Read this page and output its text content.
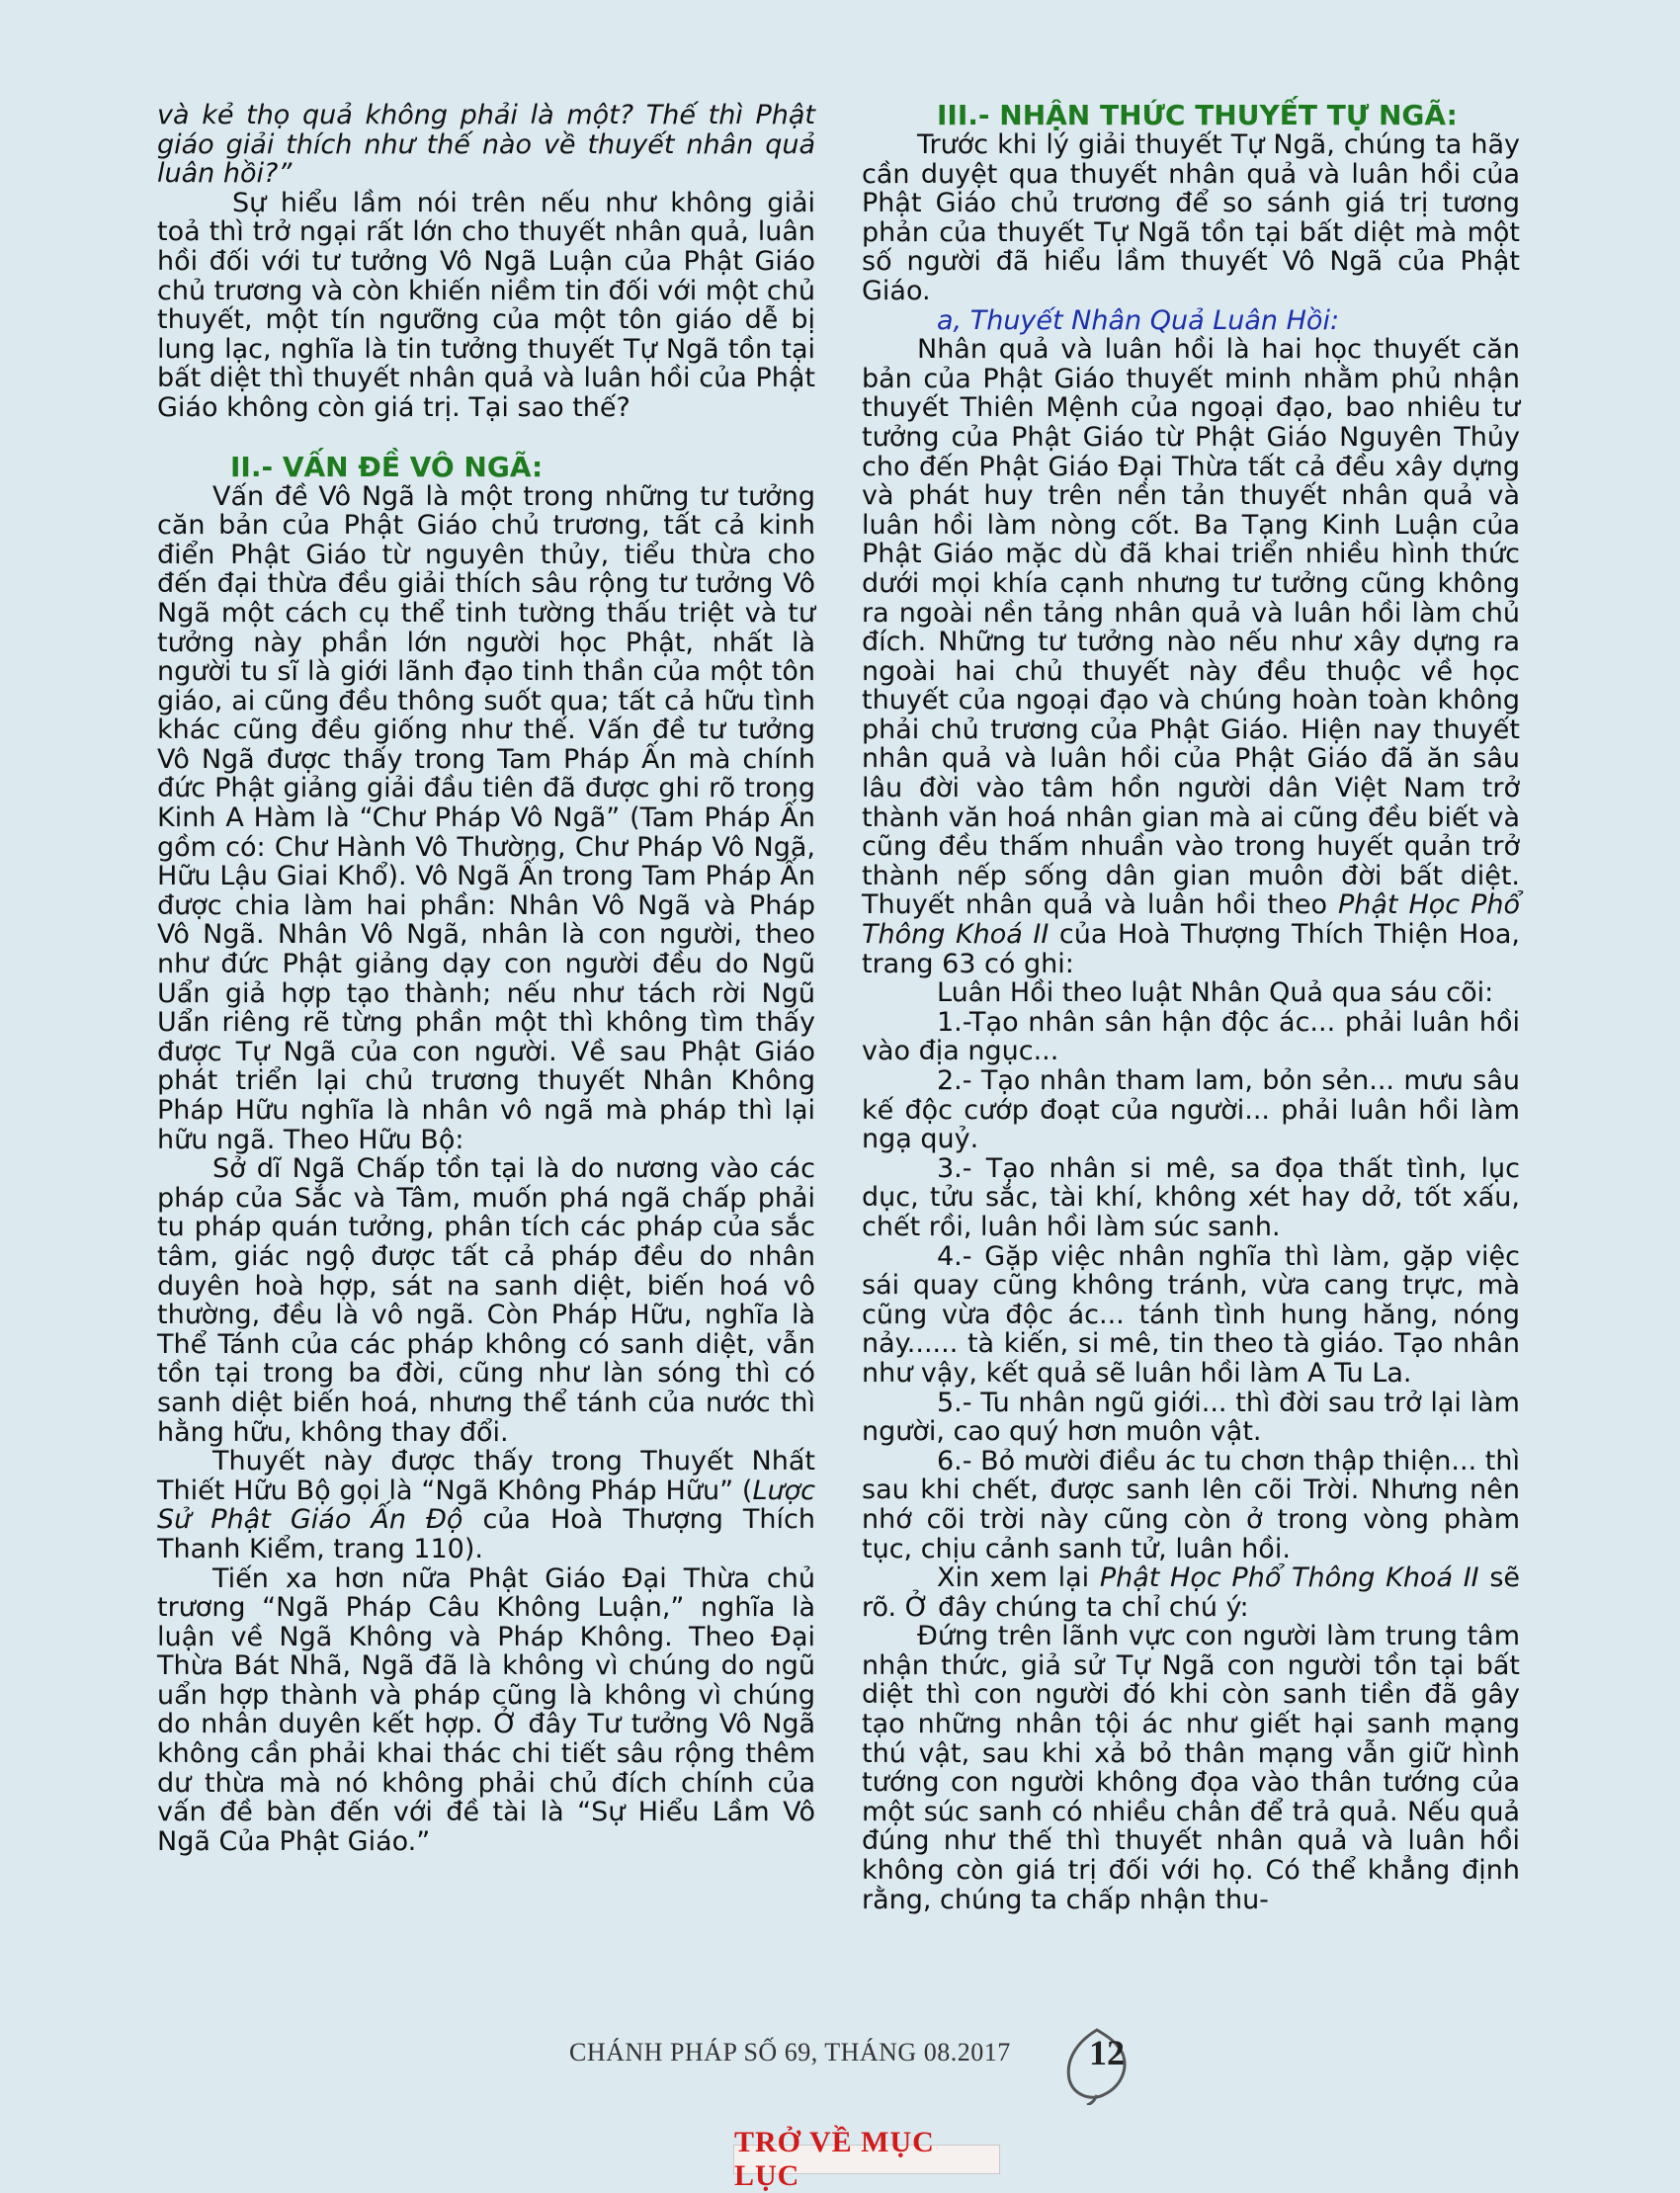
và kẻ thọ quả không phải là một? Thế thì Phật giáo giải thích như thế nào về thuyết nhân quả luân hồi?”

Sự hiểu lầm nói trên nếu như không giải toả thì trở ngại rất lớn cho thuyết nhân quả, luân hồi đối với tư tưởng Vô Ngã Luận của Phật Giáo chủ trương và còn khiến niềm tin đối với một chủ thuyết, một tín ngưỡng của một tôn giáo dễ bị lung lạc, nghĩa là tin tưởng thuyết Tự Ngã tồn tại bất diệt thì thuyết nhân quả và luân hồi của Phật Giáo không còn giá trị. Tại sao thế?

II.- VẤN ĐỀ VÔ NGÃ:

Vấn đề Vô Ngã là một trong những tư tưởng căn bản của Phật Giáo chủ trương, tất cả kinh điển Phật Giáo từ nguyên thủy, tiểu thừa cho đến đại thừa đều giải thích sâu rộng tư tưởng Vô Ngã một cách cụ thể tinh tường thấu triệt và tư tưởng này phần lớn người học Phật, nhất là người tu sĩ là giới lãnh đạo tinh thần của một tôn giáo, ai cũng đều thông suốt qua; tất cả hữu tình khác cũng đều giống như thế. Vấn đề tư tưởng Vô Ngã được thấy trong Tam Pháp Ấn mà chính đức Phật giảng giải đầu tiên đã được ghi rõ trong Kinh A Hàm là “Chư Pháp Vô Ngã” (Tam Pháp Ấn gồm có: Chư Hành Vô Thường, Chư Pháp Vô Ngã, Hữu Lậu Giai Khổ). Vô Ngã Ấn trong Tam Pháp Ấn được chia làm hai phần: Nhân Vô Ngã và Pháp Vô Ngã. Nhân Vô Ngã, nhân là con người, theo như đức Phật giảng dạy con người đều do Ngũ Uẩn giả hợp tạo thành; nếu như tách rời Ngũ Uẩn riêng rẽ từng phần một thì không tìm thấy được Tự Ngã của con người. Về sau Phật Giáo phát triển lại chủ trương thuyết Nhân Không Pháp Hữu nghĩa là nhân vô ngã mà pháp thì lại hữu ngã. Theo Hữu Bộ:

Sở dĩ Ngã Chấp tồn tại là do nương vào các pháp của Sắc và Tâm, muốn phá ngã chấp phải tu pháp quán tưởng, phân tích các pháp của sắc tâm, giác ngộ được tất cả pháp đều do nhân duyên hoà hợp, sát na sanh diệt, biến hoá vô thường, đều là vô ngã. Còn Pháp Hữu, nghĩa là Thể Tánh của các pháp không có sanh diệt, vẫn tồn tại trong ba đời, cũng như làn sóng thì có sanh diệt biến hoá, nhưng thể tánh của nước thì hằng hữu, không thay đổi.

Thuyết này được thấy trong Thuyết Nhất Thiết Hữu Bộ gọi là “Ngã Không Pháp Hữu” (Lược Sử Phật Giáo Ấn Độ của Hoà Thượng Thích Thanh Kiểm, trang 110).

Tiến xa hơn nữa Phật Giáo Đại Thừa chủ trương “Ngã Pháp Câu Không Luận,” nghĩa là luận về Ngã Không và Pháp Không. Theo Đại Thừa Bát Nhã, Ngã đã là không vì chúng do ngũ uẩn hợp thành và pháp cũng là không vì chúng do nhân duyên kết hợp. Ở đây Tư tưởng Vô Ngã không cần phải khai thác chi tiết sâu rộng thêm dư thừa mà nó không phải chủ đích chính của vấn đề bàn đến với đề tài là “Sự Hiểu Lầm Vô Ngã Của Phật Giáo.”

III.- NHẬN THỨC THUYẾT TỰ NGÃ:

Trước khi lý giải thuyết Tự Ngã, chúng ta hãy cần duyệt qua thuyết nhân quả và luân hồi của Phật Giáo chủ trương để so sánh giá trị tương phản của thuyết Tự Ngã tồn tại bất diệt mà một số người đã hiểu lầm thuyết Vô Ngã của Phật Giáo.

a, Thuyết Nhân Quả Luân Hồi:

Nhân quả và luân hồi là hai học thuyết căn bản của Phật Giáo thuyết minh nhằm phủ nhận thuyết Thiên Mệnh của ngoại đạo, bao nhiêu tư tưởng của Phật Giáo từ Phật Giáo Nguyên Thủy cho đến Phật Giáo Đại Thừa tất cả đều xây dựng và phát huy trên nền tản thuyết nhân quả và luân hồi làm nòng cốt. Ba Tạng Kinh Luận của Phật Giáo mặc dù đã khai triển nhiều hình thức dưới mọi khía cạnh nhưng tư tưởng cũng không ra ngoài nền tảng nhân quả và luân hồi làm chủ đích. Những tư tưởng nào nếu như xây dựng ra ngoài hai chủ thuyết này đều thuộc về học thuyết của ngoại đạo và chúng hoàn toàn không phải chủ trương của Phật Giáo. Hiện nay thuyết nhân quả và luân hồi của Phật Giáo đã ăn sâu lâu đời vào tâm hồn người dân Việt Nam trở thành văn hoá nhân gian mà ai cũng đều biết và cũng đều thấm nhuần vào trong huyết quản trở thành nếp sống dân gian muôn đời bất diệt. Thuyết nhân quả và luân hồi theo Phật Học Phổ Thông Khoá II của Hoà Thượng Thích Thiện Hoa, trang 63 có ghi:

Luân Hồi theo luật Nhân Quả qua sáu cõi:

1.-Tạo nhân sân hận độc ác... phải luân hồi vào địa ngục...

2.- Tạo nhân tham lam, bỏn sẻn... mưu sâu kế độc cướp đoạt của người... phải luân hồi làm ngạ quỷ.

3.- Tạo nhân si mê, sa đọa thất tình, lục dục, tửu sắc, tài khí, không xét hay dở, tốt xấu, chết rồi, luân hồi làm súc sanh.

4.- Gặp việc nhân nghĩa thì làm, gặp việc sái quay cũng không tránh, vừa cang trực, mà cũng vừa độc ác... tánh tình hung hăng, nóng nảy...... tà kiến, si mê, tin theo tà giáo. Tạo nhân như vậy, kết quả sẽ luân hồi làm A Tu La.

5.- Tu nhân ngũ giới... thì đời sau trở lại làm người, cao quý hơn muôn vật.

6.- Bỏ mười điều ác tu chơn thập thiện... thì sau khi chết, được sanh lên cõi Trời. Nhưng nên nhớ cõi trời này cũng còn ở trong vòng phàm tục, chịu cảnh sanh tử, luân hồi.

Xin xem lại Phật Học Phổ Thông Khoá II sẽ rõ. Ở đây chúng ta chỉ chú ý:

Đứng trên lãnh vực con người làm trung tâm nhận thức, giả sử Tự Ngã con người tồn tại bất diệt thì con người đó khi còn sanh tiền đã gây tạo những nhân tội ác như giết hại sanh mạng thú vật, sau khi xả bỏ thân mạng vẫn giữ hình tướng con người không đọa vào thân tướng của một súc sanh có nhiều chân để trả quả. Nếu quả đúng như thế thì thuyết nhân quả và luân hồi không còn giá trị đối với họ. Có thể khẳng định rằng, chúng ta chấp nhận thu-

CHÁNH PHÁP SỐ 69, THÁNG 08.2017	12
TRỞ VỀ MỤC LỤC
